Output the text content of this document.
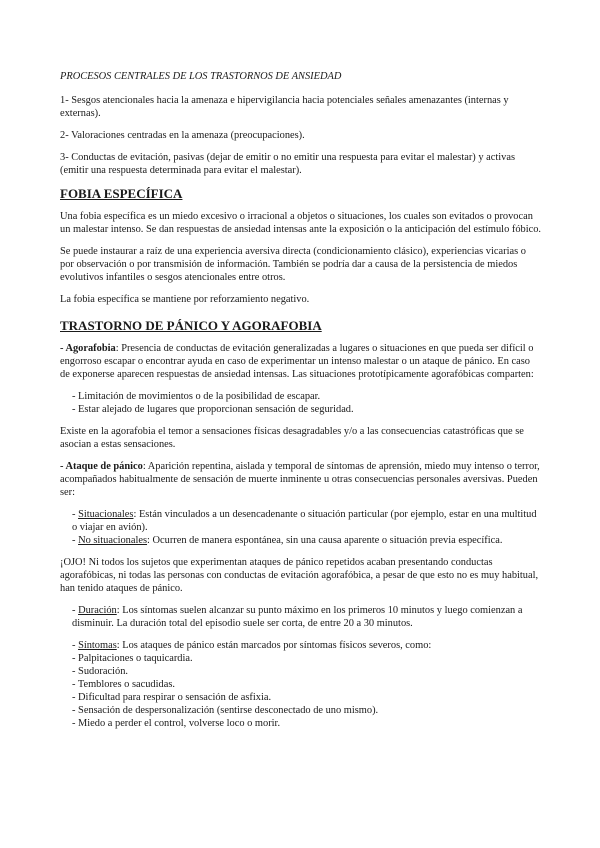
PROCESOS CENTRALES DE LOS TRASTORNOS DE ANSIEDAD

1- Sesgos atencionales hacia la amenaza e hipervigilancia hacia potenciales señales amenazantes (internas y externas).

2- Valoraciones centradas en la amenaza (preocupaciones).

3- Conductas de evitación, pasivas (dejar de emitir o no emitir una respuesta para evitar el malestar) y activas (emitir una respuesta determinada para evitar el malestar).

FOBIA ESPECÍFICA

Una fobia específica es un miedo excesivo o irracional a objetos o situaciones, los cuales son evitados o provocan un malestar intenso. Se dan respuestas de ansiedad intensas ante la exposición o la anticipación del estímulo fóbico.

Se puede instaurar a raíz de una experiencia aversiva directa (condicionamiento clásico), experiencias vicarias o por observación o por transmisión de información. También se podría dar a causa de la persistencia de miedos evolutivos infantiles o sesgos atencionales entre otros.

La fobia específica se mantiene por reforzamiento negativo.

TRASTORNO DE PÁNICO Y AGORAFOBIA

- Agorafobia: Presencia de conductas de evitación generalizadas a lugares o situaciones en que pueda ser difícil o engorroso escapar o encontrar ayuda en caso de experimentar un intenso malestar o un ataque de pánico. En caso de exponerse aparecen respuestas de ansiedad intensas. Las situaciones prototípicamente agorafóbicas comparten:

- Limitación de movimientos o de la posibilidad de escapar.
- Estar alejado de lugares que proporcionan sensación de seguridad.

Existe en la agorafobia el temor a sensaciones físicas desagradables y/o a las consecuencias catastróficas que se asocian a estas sensaciones.

- Ataque de pánico: Aparición repentina, aislada y temporal de síntomas de aprensión, miedo muy intenso o terror, acompañados habitualmente de sensación de muerte inminente u otras consecuencias personales aversivas. Pueden ser:

- Situacionales: Están vinculados a un desencadenante o situación particular (por ejemplo, estar en una multitud o viajar en avión).
- No situacionales: Ocurren de manera espontánea, sin una causa aparente o situación previa específica.

¡OJO! Ni todos los sujetos que experimentan ataques de pánico repetidos acaban presentando conductas agorafóbicas, ni todas las personas con conductas de evitación agorafóbica, a pesar de que esto no es muy habitual, han tenido ataques de pánico.

- Duración: Los síntomas suelen alcanzar su punto máximo en los primeros 10 minutos y luego comienzan a disminuir. La duración total del episodio suele ser corta, de entre 20 a 30 minutos.
- Síntomas: Los ataques de pánico están marcados por síntomas físicos severos, como:
- Palpitaciones o taquicardia.
- Sudoración.
- Temblores o sacudidas.
- Dificultad para respirar o sensación de asfixia.
- Sensación de despersonalización (sentirse desconectado de uno mismo).
- Miedo a perder el control, volverse loco o morir.
